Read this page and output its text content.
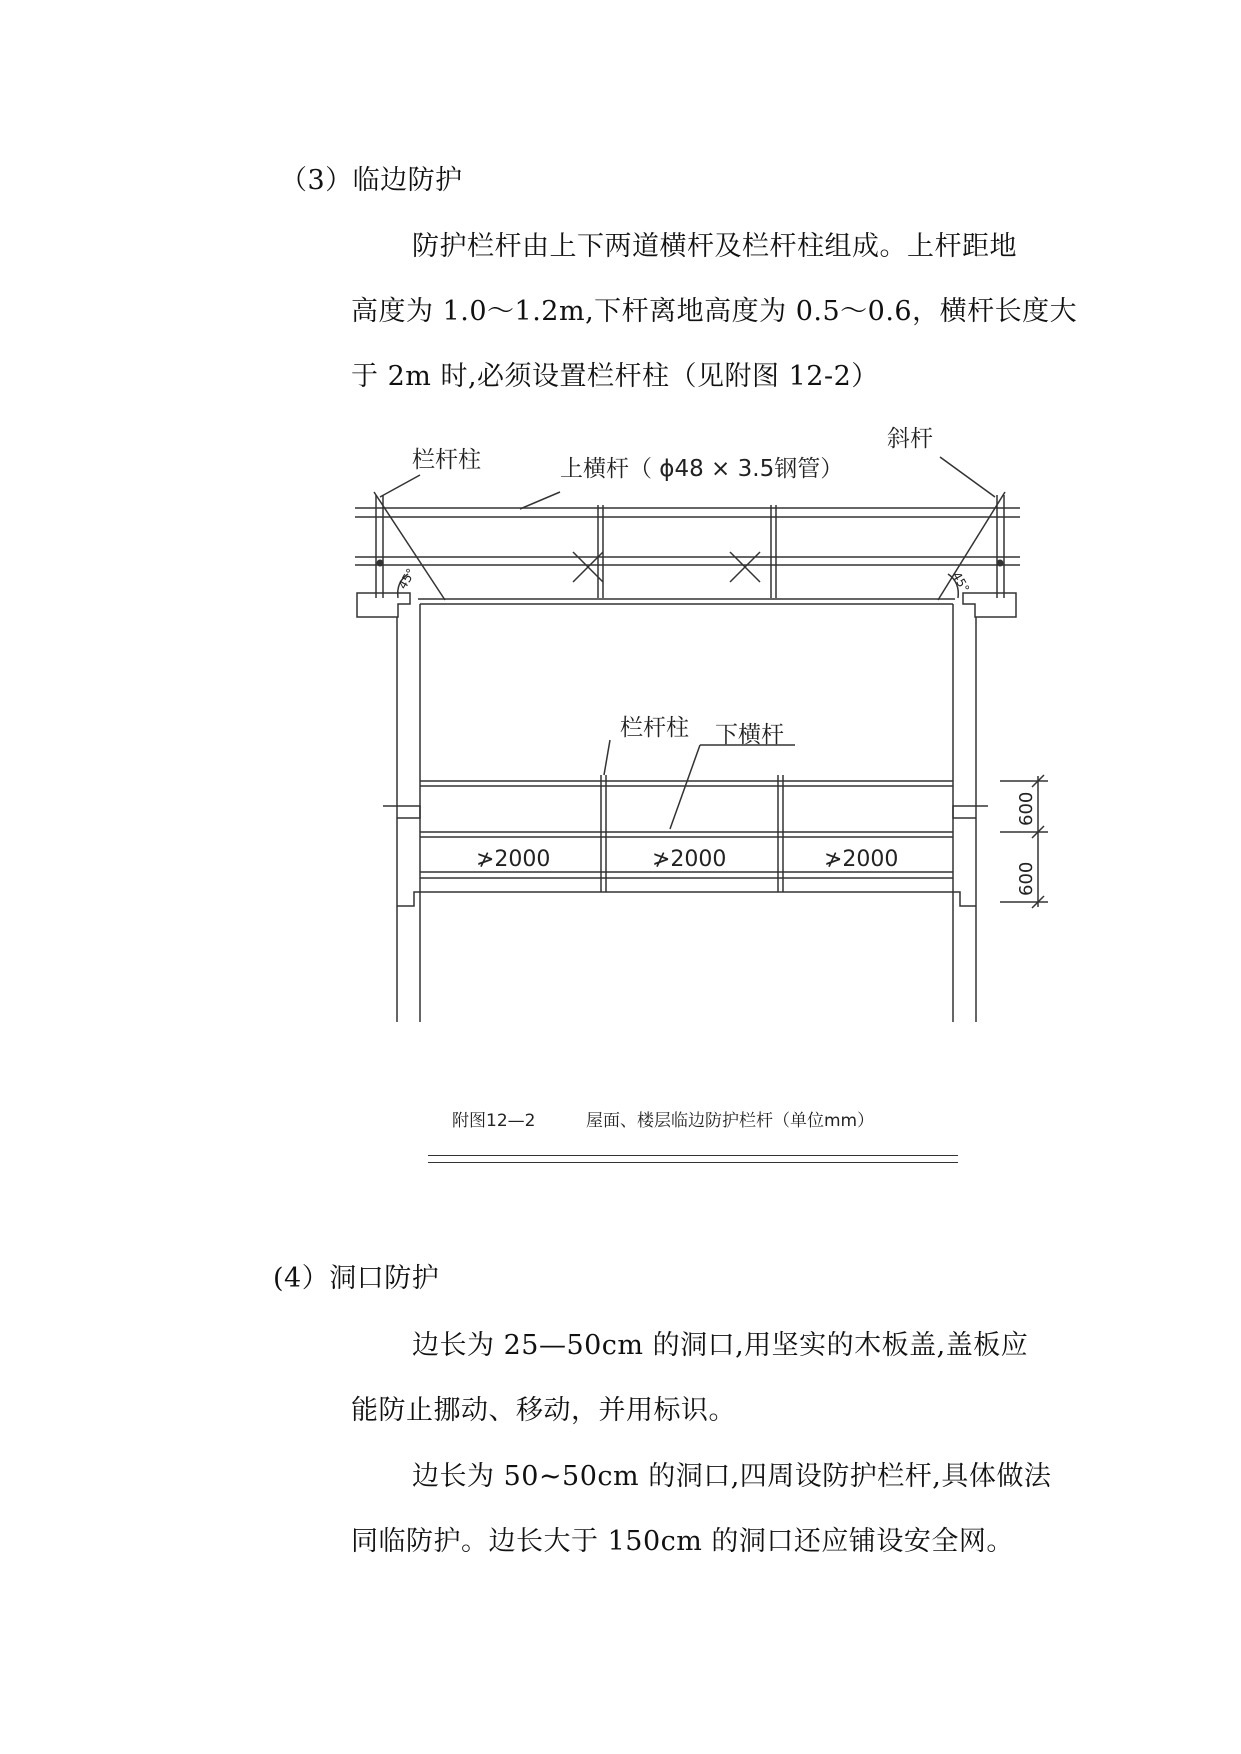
（3）临边防护
防护栏杆由上下两道横杆及栏杆柱组成。上杆距地
高度为 1.0～1.2m,下杆离地高度为 0.5～0.6，横杆长度大
于 2m 时,必须设置栏杆柱（见附图 12-2）
栏杆柱	上横杆（ ϕ48 × 3.5钢管）
斜杆
45°	45°
栏杆柱 下横杆
≯2000	≯2000	≯2000
600
600
附图12—2	屋面、楼层临边防护栏杆（单位mm）
(4）洞口防护
边长为 25—50cm 的洞口,用坚实的木板盖,盖板应
能防止挪动、移动，并用标识。
边长为 50~50cm 的洞口,四周设防护栏杆,具体做法
同临防护。边长大于 150cm 的洞口还应铺设安全网。
